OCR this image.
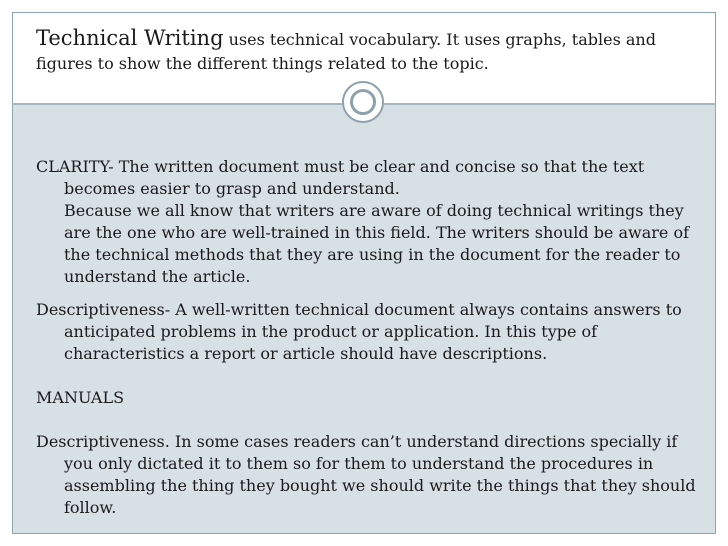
Technical Writing uses technical vocabulary. It uses graphs, tables and figures to show the different things related to the topic.
CLARITY- The written document must be clear and concise so that the text becomes easier to grasp and understand.
Because we all know that writers are aware of doing technical writings they are the one who are well-trained in this field. The writers should be aware of the technical methods that they are using in the document for the reader to understand the article.
Descriptiveness- A well-written technical document always contains answers to anticipated problems in the product or application. In this type of characteristics a report or article should have descriptions.
MANUALS
Descriptiveness. In some cases readers can’t understand directions specially if you only dictated it to them so for them to understand the procedures in assembling the thing they bought we should write the things that they should follow.
